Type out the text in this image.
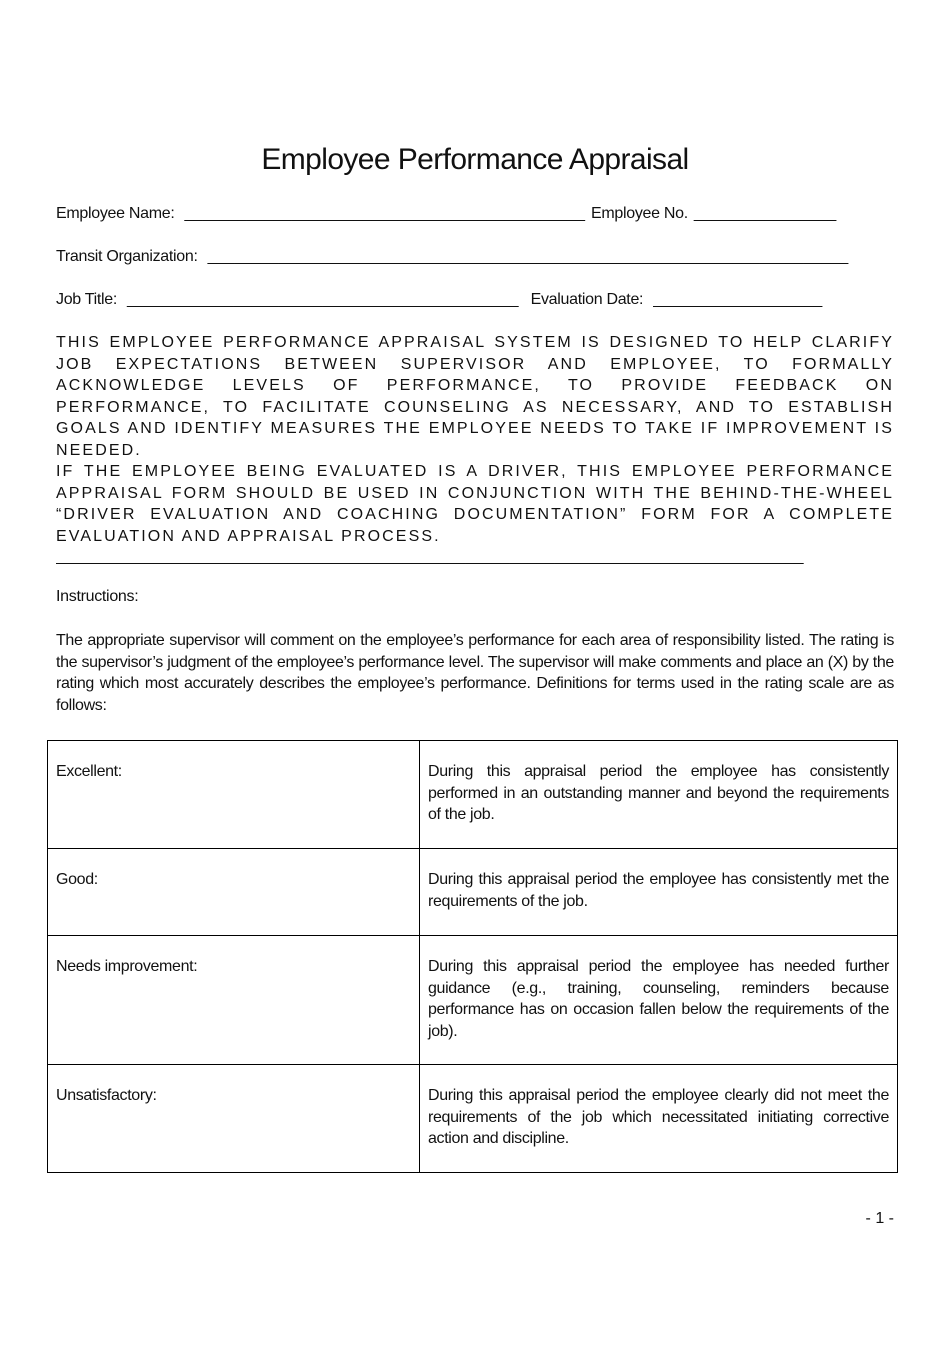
Employee Performance Appraisal
Employee Name: _____________________________________________ Employee No. ________________
Transit Organization: ________________________________________________________________________
Job Title: ____________________________________________ Evaluation Date: ___________________
THIS EMPLOYEE PERFORMANCE APPRAISAL SYSTEM IS DESIGNED TO HELP CLARIFY JOB EXPECTATIONS BETWEEN SUPERVISOR AND EMPLOYEE, TO FORMALLY ACKNOWLEDGE LEVELS OF PERFORMANCE, TO PROVIDE FEEDBACK ON PERFORMANCE, TO FACILITATE COUNSELING AS NECESSARY, AND TO ESTABLISH GOALS AND IDENTIFY MEASURES THE EMPLOYEE NEEDS TO TAKE IF IMPROVEMENT IS NEEDED.
IF THE EMPLOYEE BEING EVALUATED IS A DRIVER, THIS EMPLOYEE PERFORMANCE APPRAISAL FORM SHOULD BE USED IN CONJUNCTION WITH THE BEHIND-THE-WHEEL “DRIVER EVALUATION AND COACHING DOCUMENTATION” FORM FOR A COMPLETE EVALUATION AND APPRAISAL PROCESS.
____________________________________________________________________________________
Instructions:
The appropriate supervisor will comment on the employee’s performance for each area of responsibility listed. The rating is the supervisor’s judgment of the employee’s performance level. The supervisor will make comments and place an (X) by the rating which most accurately describes the employee’s performance. Definitions for terms used in the rating scale are as follows:
Excellent:	During this appraisal period the employee has consistently performed in an outstanding manner and beyond the requirements of the job.
Good:	During this appraisal period the employee has consistently met the requirements of the job.
Needs improvement:	During this appraisal period the employee has needed further guidance (e.g., training, counseling, reminders because performance has on occasion fallen below the requirements of the job).
Unsatisfactory:	During this appraisal period the employee clearly did not meet the requirements of the job which necessitated initiating corrective action and discipline.
- 1 -
